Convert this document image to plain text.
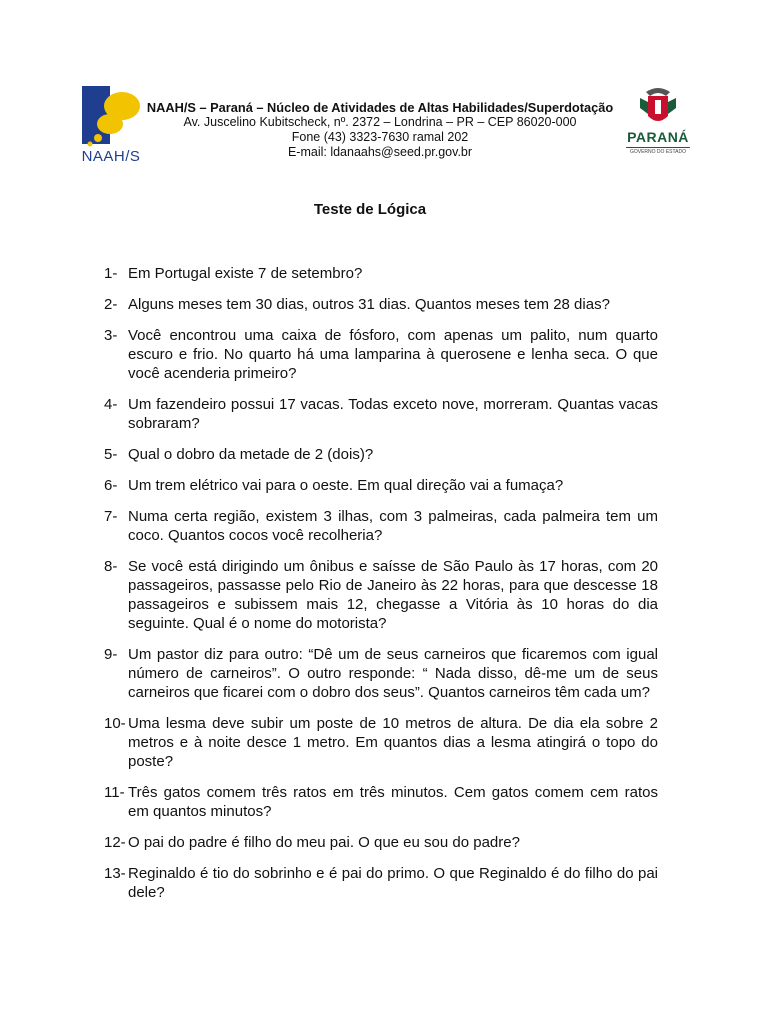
NAAH/S
NAAH/S – Paraná – Núcleo de Atividades de Altas Habilidades/Superdotação
Av. Juscelino Kubitscheck, nº. 2372 – Londrina – PR – CEP 86020-000
Fone (43) 3323-7630 ramal 202
E-mail: ldanaahs@seed.pr.gov.br
PARANÁ
GOVERNO DO ESTADO
Teste de Lógica
1- Em Portugal existe 7 de setembro?
2- Alguns meses tem 30 dias, outros 31 dias. Quantos meses tem 28 dias?
3- Você encontrou uma caixa de fósforo, com apenas um palito, num quarto escuro e frio. No quarto há uma lamparina à querosene e lenha seca. O que você acenderia primeiro?
4- Um fazendeiro possui 17 vacas. Todas exceto nove, morreram. Quantas vacas sobraram?
5- Qual o dobro da metade de 2 (dois)?
6- Um trem elétrico vai para o oeste. Em qual direção vai a fumaça?
7- Numa certa região, existem 3 ilhas, com 3 palmeiras, cada palmeira tem um coco. Quantos cocos você recolheria?
8- Se você está dirigindo um ônibus e saísse de São Paulo às 17 horas, com 20 passageiros, passasse pelo Rio de Janeiro às 22 horas, para que descesse 18 passageiros e subissem mais 12, chegasse a Vitória às 10 horas do dia seguinte. Qual é o nome do motorista?
9- Um pastor diz para outro: “Dê um de seus carneiros que ficaremos com igual número de carneiros”. O outro responde: “ Nada disso, dê-me um de seus carneiros que ficarei com o dobro dos seus”. Quantos carneiros têm cada um?
10- Uma lesma deve subir um poste de 10 metros de altura. De dia ela sobre 2 metros e à noite desce 1 metro. Em quantos dias a lesma atingirá o topo do poste?
11- Três gatos comem três ratos em três minutos. Cem gatos comem cem ratos em quantos minutos?
12- O pai do padre é filho do meu pai. O que eu sou do padre?
13- Reginaldo é tio do sobrinho e é pai do primo. O que Reginaldo é do filho do pai dele?
